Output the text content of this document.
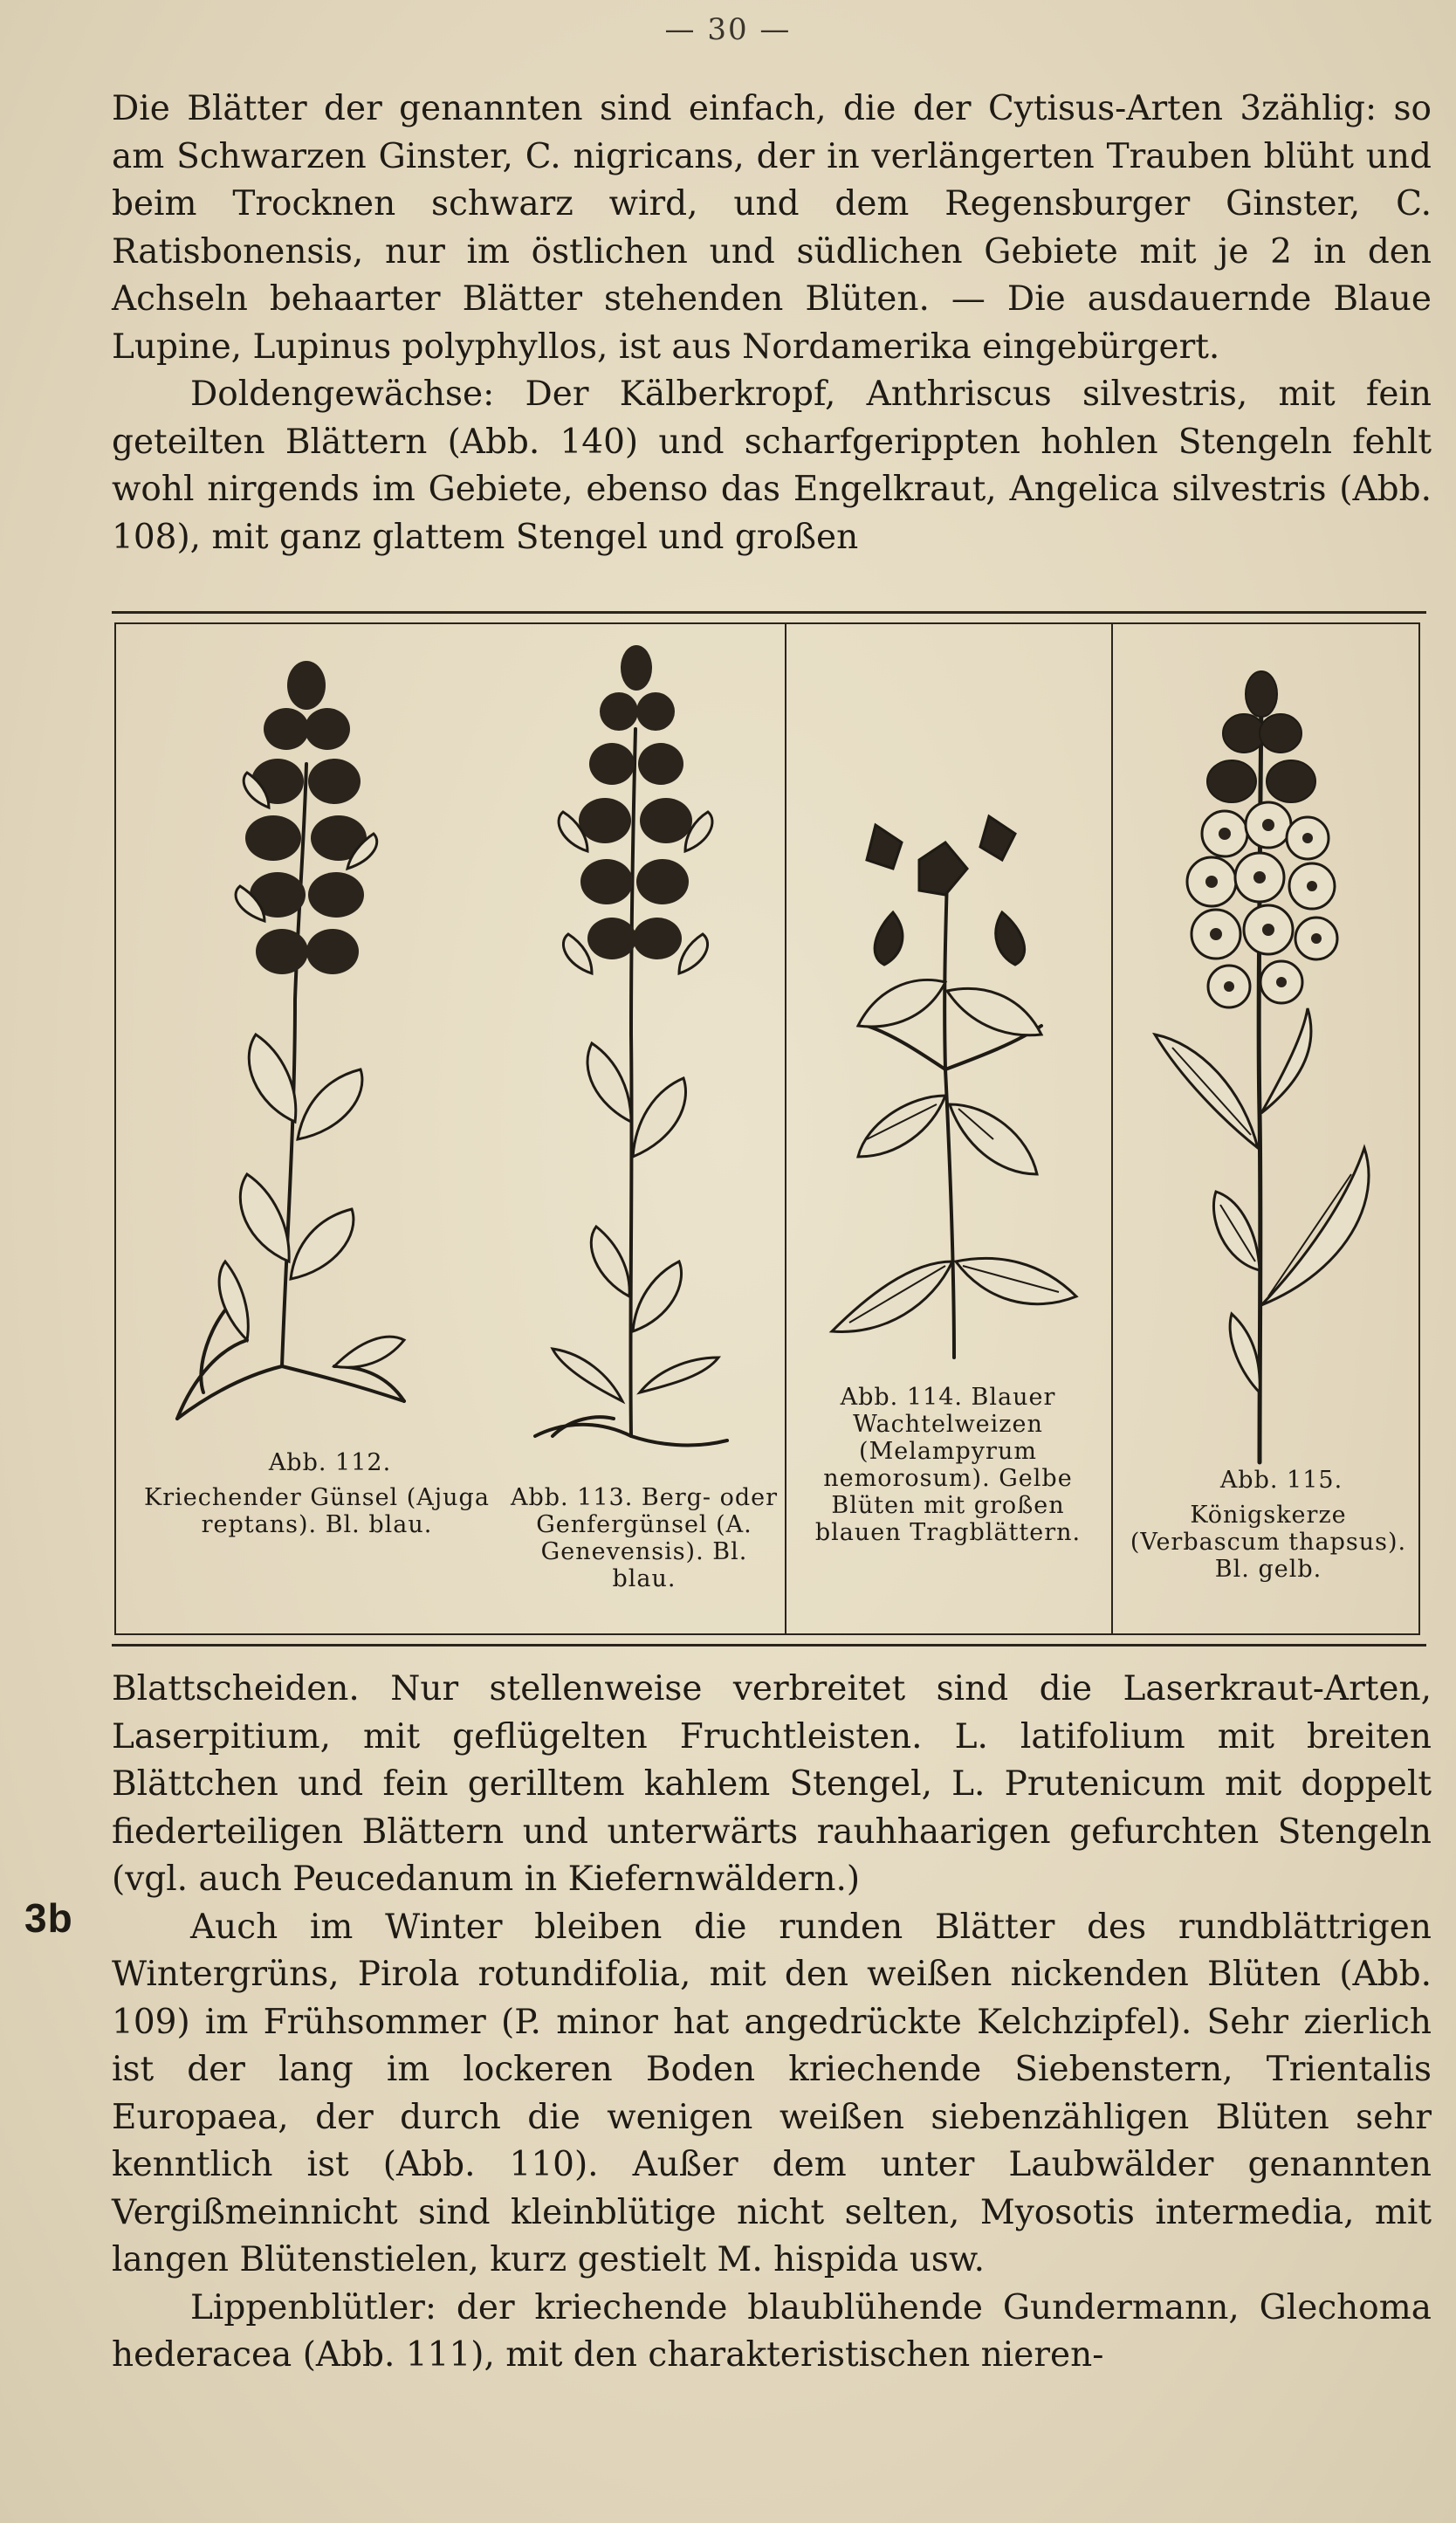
— 30 —

Die Blätter der genannten sind einfach, die der Cytisus-Arten 3zählig: so am Schwarzen Ginster, C. nigricans, der in verlängerten Trauben blüht und beim Trocknen schwarz wird, und dem Regensburger Ginster, C. Ratisbonensis, nur im östlichen und südlichen Gebiete mit je 2 in den Achseln behaarter Blätter stehenden Blüten. — Die ausdauernde Blaue Lupine, Lupinus polyphyllos, ist aus Nordamerika eingebürgert.

Doldengewächse: Der Kälberkropf, Anthriscus silvestris, mit fein geteilten Blättern (Abb. 140) und scharfgerippten hohlen Stengeln fehlt wohl nirgends im Gebiete, ebenso das Engelkraut, Angelica silvestris (Abb. 108), mit ganz glattem Stengel und großen

Abb. 112.
Kriechender Günsel (Ajuga reptans). Bl. blau.
Abb. 113. Berg- oder Genfergünsel (A. Genevensis). Bl. blau.
Abb. 114. Blauer Wachtelweizen (Melampyrum nemorosum). Gelbe Blüten mit großen blauen Tragblättern.
Abb. 115.
Königskerze (Verbascum thapsus). Bl. gelb.
3b

Blattscheiden. Nur stellenweise verbreitet sind die Laserkraut-Arten, Laserpitium, mit geflügelten Fruchtleisten. L. latifolium mit breiten Blättchen und fein gerilltem kahlem Stengel, L. Prutenicum mit doppelt fiederteiligen Blättern und unterwärts rauhhaarigen gefurchten Stengeln (vgl. auch Peucedanum in Kiefernwäldern.)

Auch im Winter bleiben die runden Blätter des rundblättrigen Wintergrüns, Pirola rotundifolia, mit den weißen nickenden Blüten (Abb. 109) im Frühsommer (P. minor hat angedrückte Kelchzipfel). Sehr zierlich ist der lang im lockeren Boden kriechende Siebenstern, Trientalis Europaea, der durch die wenigen weißen siebenzähligen Blüten sehr kenntlich ist (Abb. 110). Außer dem unter Laubwälder genannten Vergißmeinnicht sind kleinblütige nicht selten, Myosotis intermedia, mit langen Blütenstielen, kurz gestielt M. hispida usw.

Lippenblütler: der kriechende blaublühende Gundermann, Glechoma hederacea (Abb. 111), mit den charakteristischen nieren-
